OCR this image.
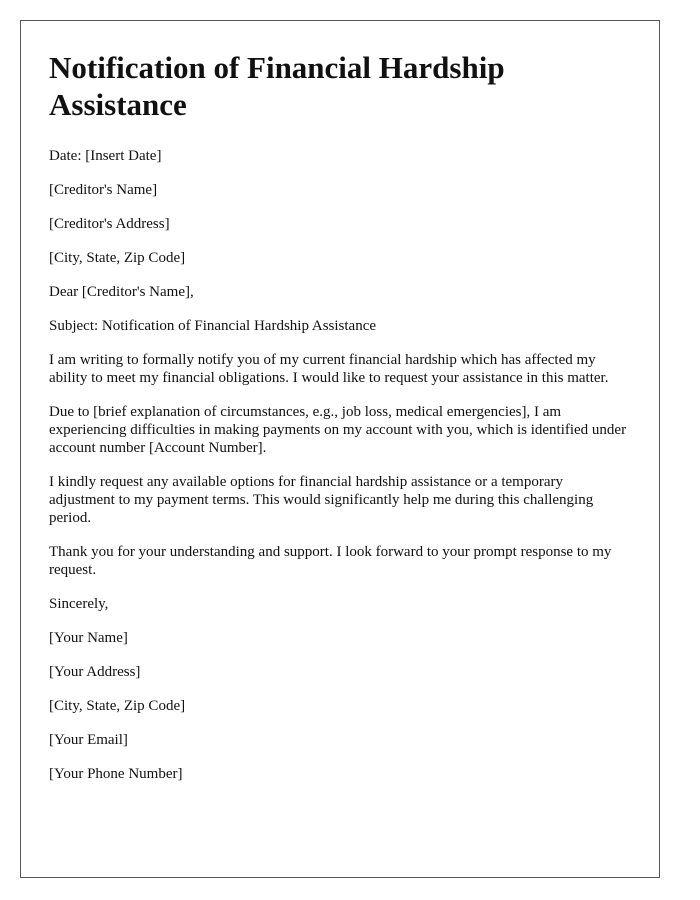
Notification of Financial Hardship Assistance

Date: [Insert Date]

[Creditor's Name]

[Creditor's Address]

[City, State, Zip Code]

Dear [Creditor's Name],

Subject: Notification of Financial Hardship Assistance

I am writing to formally notify you of my current financial hardship which has affected my ability to meet my financial obligations. I would like to request your assistance in this matter.

Due to [brief explanation of circumstances, e.g., job loss, medical emergencies], I am experiencing difficulties in making payments on my account with you, which is identified under account number [Account Number].

I kindly request any available options for financial hardship assistance or a temporary adjustment to my payment terms. This would significantly help me during this challenging period.

Thank you for your understanding and support. I look forward to your prompt response to my request.

Sincerely,

[Your Name]

[Your Address]

[City, State, Zip Code]

[Your Email]

[Your Phone Number]
